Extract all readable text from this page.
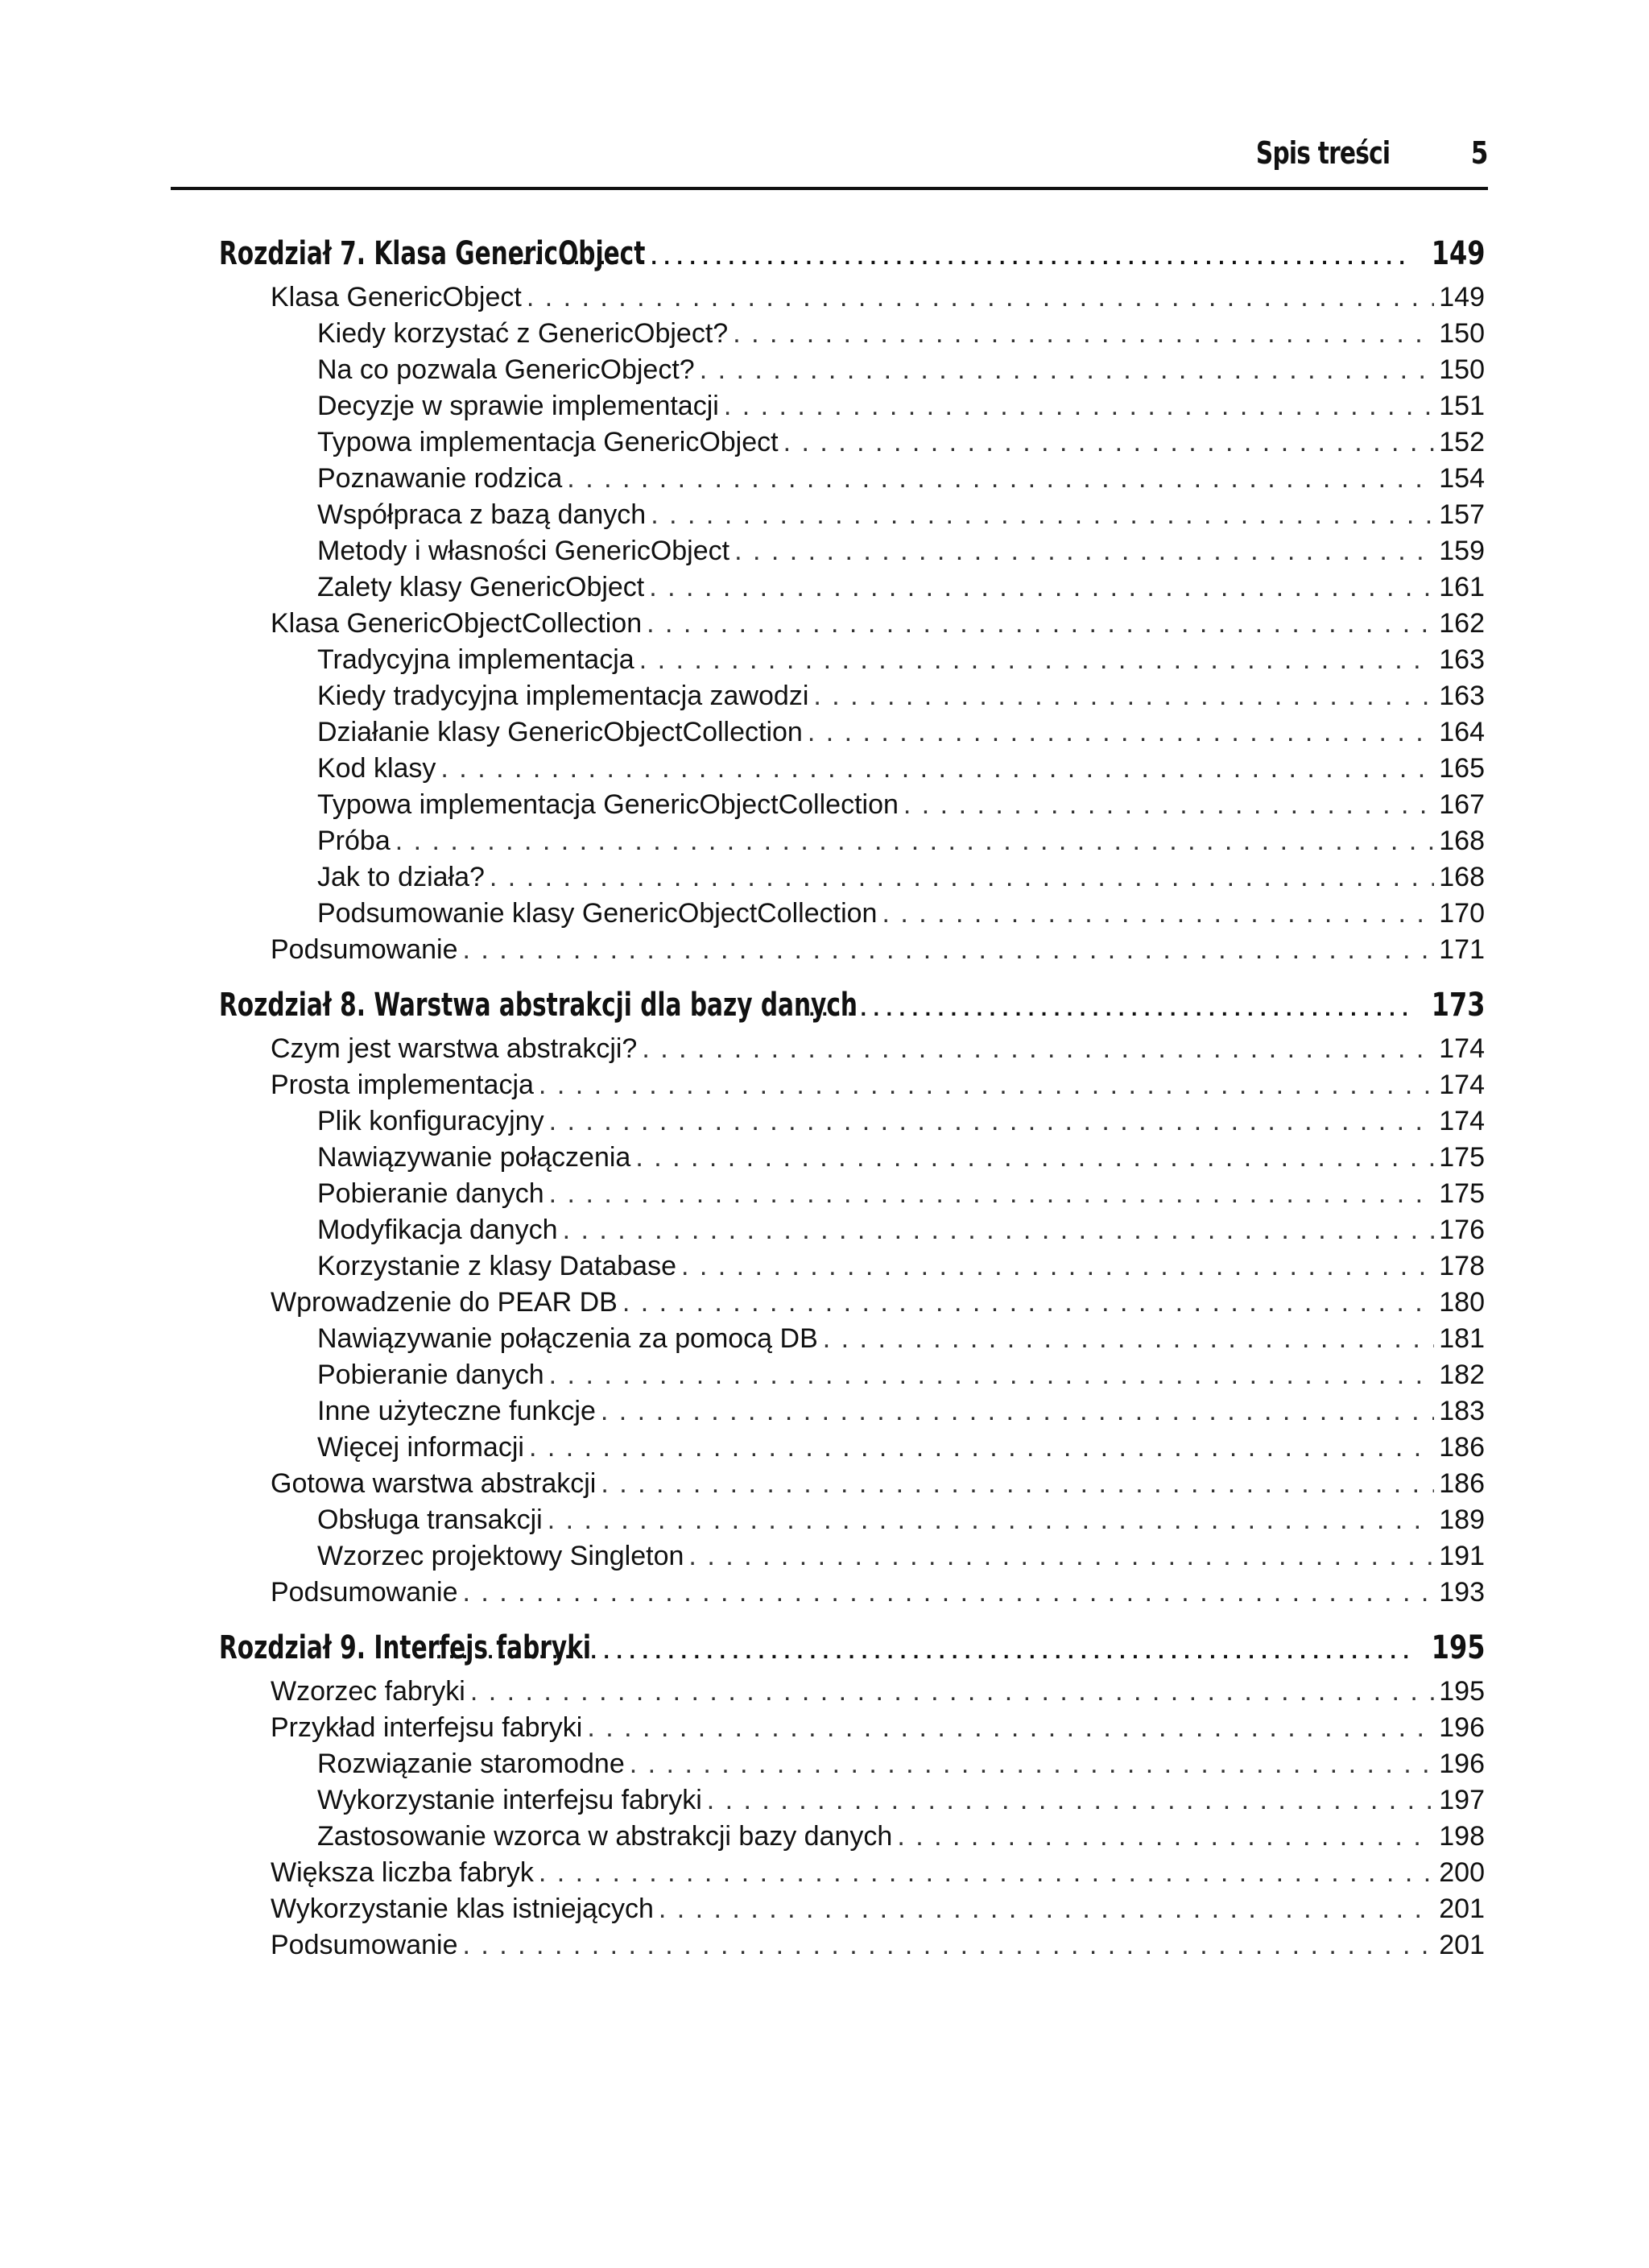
Spis treści	5
Rozdział 7. Klasa GenericObject . . .	149
Klasa GenericObject . . .	149
Kiedy korzystać z GenericObject? . . .	150
Na co pozwala GenericObject? . . .	150
Decyzje w sprawie implementacji . . .	151
Typowa implementacja GenericObject . . .	152
Poznawanie rodzica . . .	154
Współpraca z bazą danych . . .	157
Metody i własności GenericObject . . .	159
Zalety klasy GenericObject . . .	161
Klasa GenericObjectCollection . . .	162
Tradycyjna implementacja . . .	163
Kiedy tradycyjna implementacja zawodzi . . .	163
Działanie klasy GenericObjectCollection . . .	164
Kod klasy . . .	165
Typowa implementacja GenericObjectCollection . . .	167
Próba . . .	168
Jak to działa? . . .	168
Podsumowanie klasy GenericObjectCollection . . .	170
Podsumowanie . . .	171
Rozdział 8. Warstwa abstrakcji dla bazy danych . . .	173
Czym jest warstwa abstrakcji? . . .	174
Prosta implementacja . . .	174
Plik konfiguracyjny . . .	174
Nawiązywanie połączenia . . .	175
Pobieranie danych . . .	175
Modyfikacja danych . . .	176
Korzystanie z klasy Database . . .	178
Wprowadzenie do PEAR DB . . .	180
Nawiązywanie połączenia za pomocą DB . . .	181
Pobieranie danych . . .	182
Inne użyteczne funkcje . . .	183
Więcej informacji . . .	186
Gotowa warstwa abstrakcji . . .	186
Obsługa transakcji . . .	189
Wzorzec projektowy Singleton . . .	191
Podsumowanie . . .	193
Rozdział 9. Interfejs fabryki . . .	195
Wzorzec fabryki . . .	195
Przykład interfejsu fabryki . . .	196
Rozwiązanie staromodne . . .	196
Wykorzystanie interfejsu fabryki . . .	197
Zastosowanie wzorca w abstrakcji bazy danych . . .	198
Większa liczba fabryk . . .	200
Wykorzystanie klas istniejących . . .	201
Podsumowanie . . .	201
